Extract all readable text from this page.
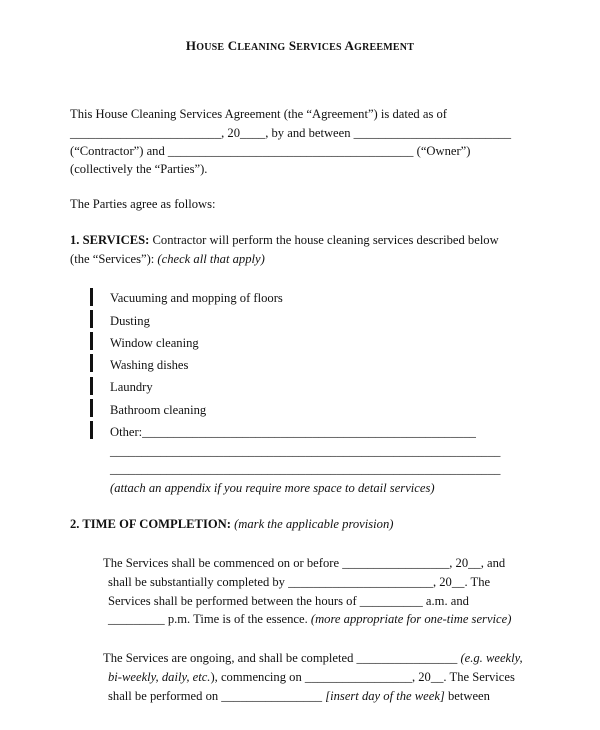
HOUSE CLEANING SERVICES AGREEMENT
This House Cleaning Services Agreement (the “Agreement”) is dated as of
________________________, 20____, by and between _________________________
(“Contractor”) and _______________________________________ (“Owner”)
(collectively the “Parties”).
The Parties agree as follows:
1. SERVICES: Contractor will perform the house cleaning services described below
(the “Services”): (check all that apply)
Vacuuming and mopping of floors
Dusting
Window cleaning
Washing dishes
Laundry
Bathroom cleaning
Other:_____________________________________________________
______________________________________________________________
______________________________________________________________
(attach an appendix if you require more space to detail services)
2. TIME OF COMPLETION: (mark the applicable provision)
The Services shall be commenced on or before _________________, 20__, and
shall be substantially completed by _______________________, 20__. The
Services shall be performed between the hours of __________ a.m. and
_________ p.m. Time is of the essence. (more appropriate for one-time service)
The Services are ongoing, and shall be completed ________________ (e.g. weekly,
bi-weekly, daily, etc.), commencing on _________________, 20__. The Services
shall be performed on ________________ [insert day of the week] between
